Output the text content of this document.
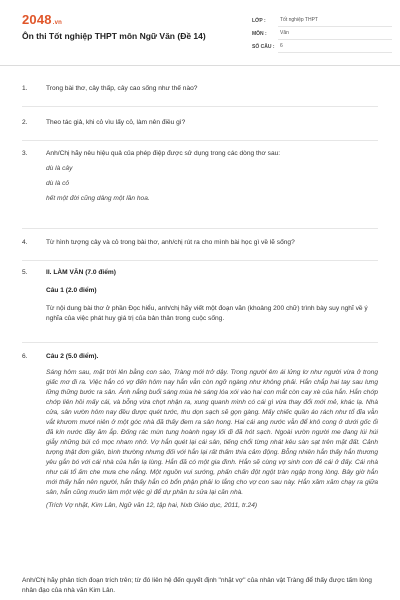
2048.vn
Ôn thi Tốt nghiệp THPT môn Ngữ Văn (Đề 14)
LỚP :	Tốt nghiệp THPT
MÔN :	Văn
SỐ CÂU :	6
1.	Trong bài thơ, cây thấp, cây cao sống như thế nào?
2.	Theo tác giả, khi cỏ vìu lấy cỏ, làm nên điều gì?
3.	Anh/Chị hãy nêu hiệu quả của phép điệp được sử dụng trong các dòng thơ sau:
dù là cây
dù là cỏ
hết một đời cũng dâng một lần hoa.
4.	Từ hình tượng cây và cỏ trong bài thơ, anh/chị rút ra cho mình bài học gì về lẽ sống?
5.	II. LÀM VĂN (7.0 điểm)
Câu 1 (2.0 điểm)
Từ nội dung bài thơ ở phần Đọc hiểu, anh/chị hãy viết một đoạn văn (khoảng 200 chữ) trình bày suy nghĩ về ý nghĩa của việc phát huy giá trị của bản thân trong cuộc sống.
6.	Câu 2 (5.0 điểm).
Sáng hôm sau, mặt trời lên bằng con sào, Tràng mới trở dậy. Trong người êm ái lửng lơ như người vừa ở trong giấc mơ đi ra. Việc hắn có vợ đến hôm nay hắn vẫn còn ngỡ ngàng như không phải. Hắn chắp hai tay sau lưng lững thững bước ra sân. Ánh nắng buổi sáng mùa hè sáng lóa xói vào hai con mắt còn cay xè của hắn. Hắn chớp chớp liên hồi mấy cái, và bỗng vừa chợt nhận ra, xung quanh mình có cái gì vừa thay đổi mới mẻ, khác lạ. Nhà cửa, sân vườn hôm nay đều được quét tước, thu dọn sạch sẽ gọn gàng. Mấy chiếc quần áo rách như tổ đỉa vẫn vắt khươm mươi niên ở một góc nhà đã thấy đem ra sân hong. Hai cái ang nước vẫn để khô cong ở dưới gốc ổi đã kín nước đầy ăm ắp. Đống rác mùn tung hoành ngay lối đi đã hót sạch. Ngoài vườn người me đang lúi húi giẫy những búi cỏ mọc nham nhở. Vợ hắn quét lại cái sân, tiếng chổi từng nhát kêu sàn sạt trên mặt đất. Cảnh tượng thật đơn giản, bình thường nhưng đối với hắn lại rất thấm thía cảm động. Bỗng nhiên hắn thấy hắn thương yêu gắn bó với cái nhà của hắn lạ lùng. Hắn đã có một gia đình. Hắn sẽ cùng vợ sinh con đẻ cái ở đấy. Cái nhà như cái tổ ấm che mưa che nắng. Một nguồn vui sướng, phấn chấn đột ngột tràn ngập trong lòng. Bây giờ hắn mới thấy hắn nên người, hắn thấy hắn có bổn phận phải lo lắng cho vợ con sau này. Hắn xăm xăm chạy ra giữa sân, hắn cũng muốn làm một việc gì để dự phần tu sửa lại căn nhà.
(Trích Vợ nhặt, Kim Lân, Ngữ văn 12, tập hai, Nxb Giáo dục, 2011, tr.24)
Anh/Chị hãy phân tích đoạn trích trên; từ đó liên hệ đến quyết định "nhặt vợ" của nhân vật Tràng để thấy được tấm lòng nhân đạo của nhà văn Kim Lân.
